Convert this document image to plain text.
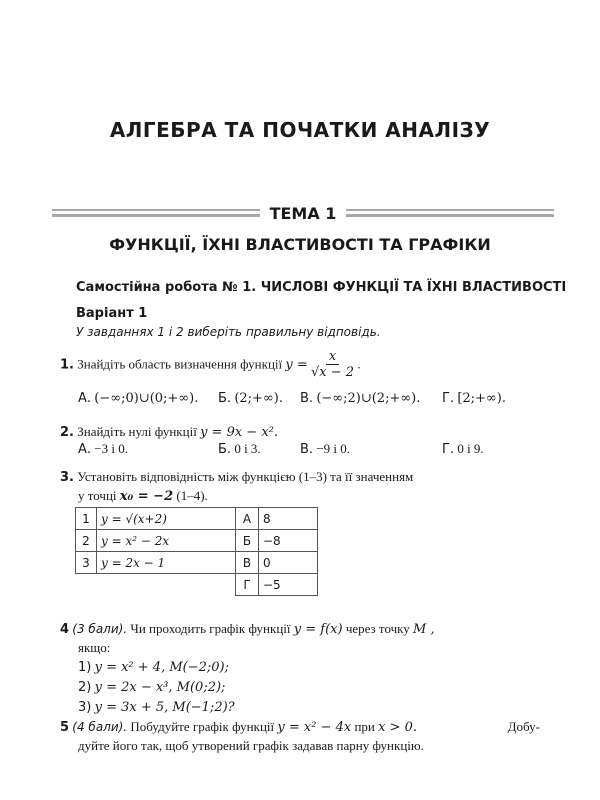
АЛГЕБРА ТА ПОЧАТКИ АНАЛІЗУ
ТЕМА 1
ФУНКЦІЇ, ЇХНІ ВЛАСТИВОСТІ ТА ГРАФІКИ
Самостійна робота № 1. ЧИСЛОВІ ФУНКЦІЇ ТА ЇХНІ ВЛАСТИВОСТІ
Варіант 1
У завданнях 1 і 2 виберіть правильну відповідь.
1. Знайдіть область визначення функції $y = \frac{x}{√x - 2}$ .
А. (−∞;0)∪(0;+∞). Б. (2;+∞). В. (−∞;2)∪(2;+∞). Г. [2;+∞).
2. Знайдіть нулі функції y = 9x − x².
А. −3 і 0.	Б. 0 і 3.	В. −9 і 0.	Г. 0 і 9.
3. Установіть відповідність між функцією (1–3) та її значенням
у точці x₀ = −2 (1–4).
1	y = √(x+2)	А	8
2	y = x² − 2x	Б	−8
3	y = 2x − 1	В	0
		Г	−5
4 (3 бали). Чи проходить графік функції y = f(x) через точку M ,
якщо:
1) y = x² + 4, M(−2;0);
2) y = 2x − x³, M(0;2);
3) y = 3x + 5, M(−1;2)?
5 (4 бали). Побудуйте графік функції y = x² − 4x при x > 0.	Добу-
дуйте його так, щоб утворений графік задавав парну функцію.
